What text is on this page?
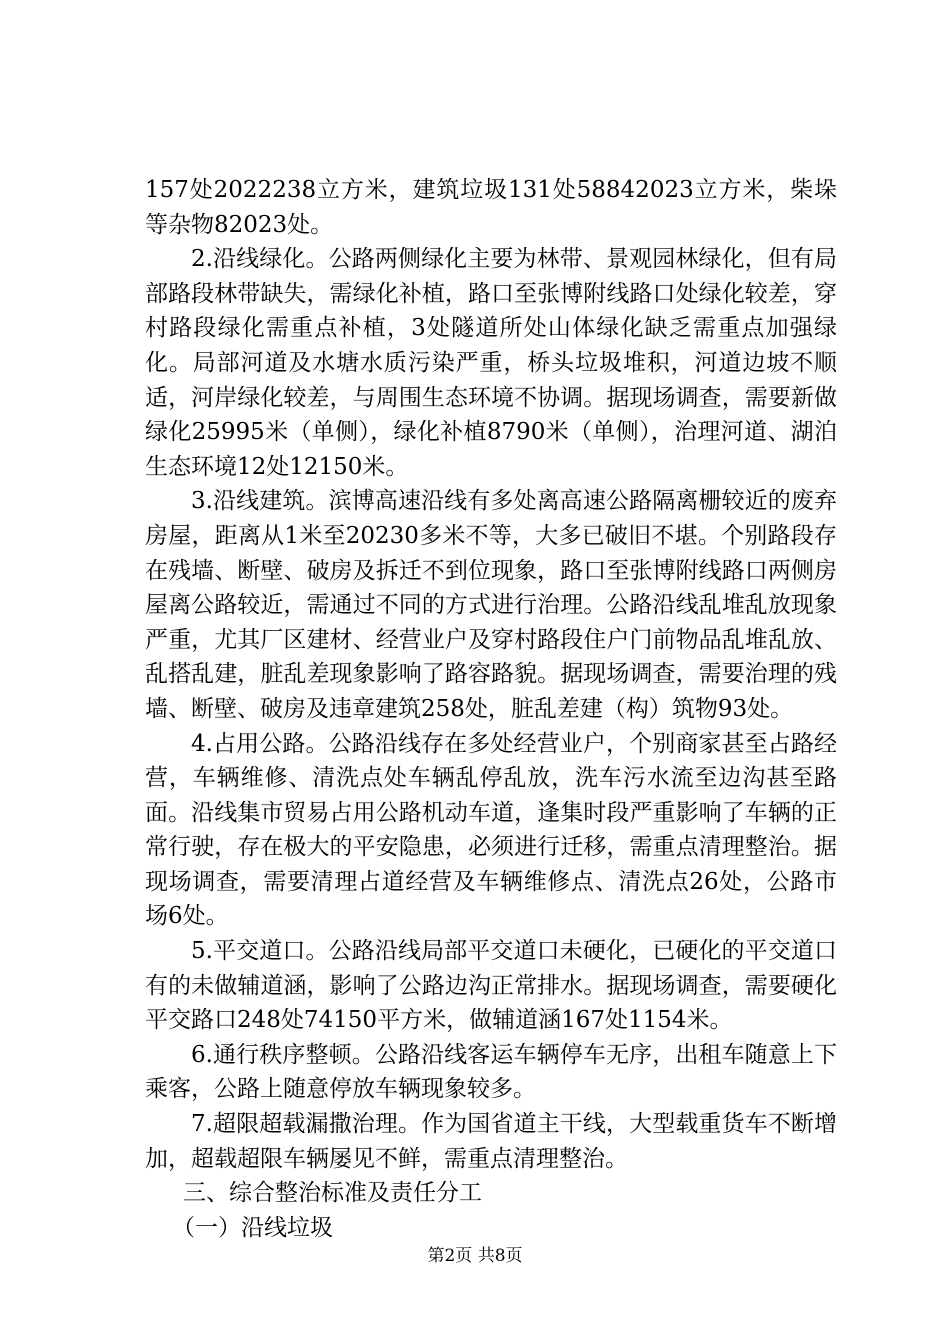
157处2022238立方米，建筑垃圾131处58842023立方米，柴垛等杂物82023处。

2.沿线绿化。公路两侧绿化主要为林带、景观园林绿化，但有局部路段林带缺失，需绿化补植，路口至张博附线路口处绿化较差，穿村路段绿化需重点补植，3处隧道所处山体绿化缺乏需重点加强绿化。局部河道及水塘水质污染严重，桥头垃圾堆积，河道边坡不顺适，河岸绿化较差，与周围生态环境不协调。据现场调查，需要新做绿化25995米（单侧），绿化补植8790米（单侧），治理河道、湖泊生态环境12处12150米。

3.沿线建筑。滨博高速沿线有多处离高速公路隔离栅较近的废弃房屋，距离从1米至20230多米不等，大多已破旧不堪。个别路段存在残墙、断壁、破房及拆迁不到位现象，路口至张博附线路口两侧房屋离公路较近，需通过不同的方式进行治理。公路沿线乱堆乱放现象严重，尤其厂区建材、经营业户及穿村路段住户门前物品乱堆乱放、乱搭乱建，脏乱差现象影响了路容路貌。据现场调查，需要治理的残墙、断壁、破房及违章建筑258处，脏乱差建（构）筑物93处。

4.占用公路。公路沿线存在多处经营业户，个别商家甚至占路经营，车辆维修、清洗点处车辆乱停乱放，洗车污水流至边沟甚至路面。沿线集市贸易占用公路机动车道，逢集时段严重影响了车辆的正常行驶，存在极大的平安隐患，必须进行迁移，需重点清理整治。据现场调查，需要清理占道经营及车辆维修点、清洗点26处，公路市场6处。

5.平交道口。公路沿线局部平交道口未硬化，已硬化的平交道口有的未做辅道涵，影响了公路边沟正常排水。据现场调查，需要硬化平交路口248处74150平方米，做辅道涵167处1154米。

6.通行秩序整顿。公路沿线客运车辆停车无序，出租车随意上下乘客，公路上随意停放车辆现象较多。

7.超限超载漏撒治理。作为国省道主干线，大型载重货车不断增加，超载超限车辆屡见不鲜，需重点清理整治。

三、综合整治标准及责任分工

（一）沿线垃圾

第2页 共8页
